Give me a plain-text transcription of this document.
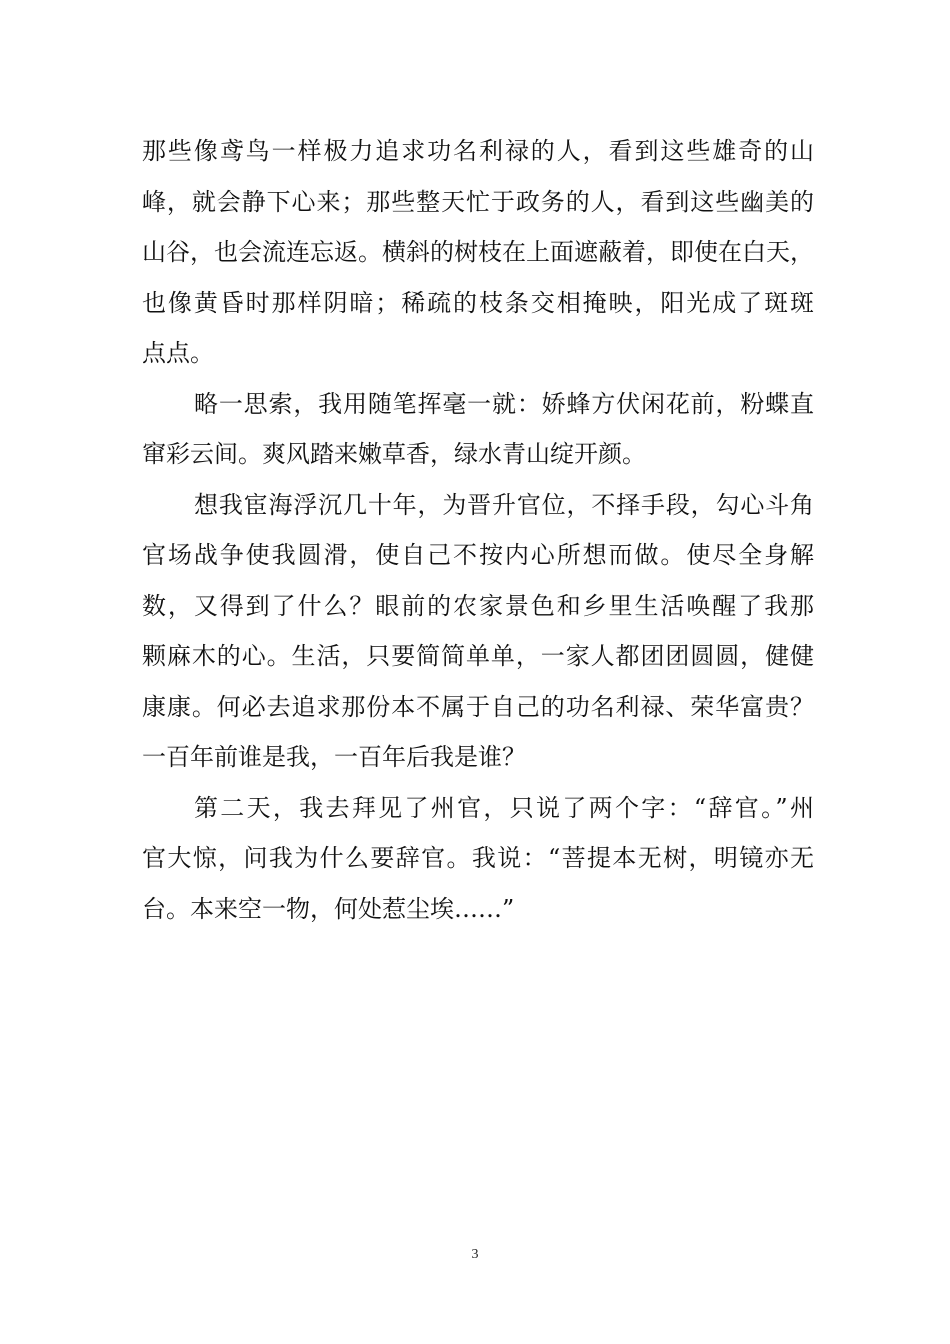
那些像鸢鸟一样极力追求功名利禄的人，看到这些雄奇的山
峰，就会静下心来；那些整天忙于政务的人，看到这些幽美的
山谷，也会流连忘返。横斜的树枝在上面遮蔽着，即使在白天，
也像黄昏时那样阴暗；稀疏的枝条交相掩映，阳光成了斑斑
点点。
略一思索，我用随笔挥毫一就：娇蜂方伏闲花前，粉蝶直
窜彩云间。爽风踏来嫩草香，绿水青山绽开颜。
想我宦海浮沉几十年，为晋升官位，不择手段，勾心斗角
官场战争使我圆滑，使自己不按内心所想而做。使尽全身解
数，又得到了什么？眼前的农家景色和乡里生活唤醒了我那
颗麻木的心。生活，只要简简单单，一家人都团团圆圆，健健
康康。何必去追求那份本不属于自己的功名利禄、荣华富贵？
一百年前谁是我，一百年后我是谁？
第二天，我去拜见了州官，只说了两个字：“辞官。”州
官大惊，问我为什么要辞官。我说：“菩提本无树，明镜亦无
台。本来空一物，何处惹尘埃……”
3
